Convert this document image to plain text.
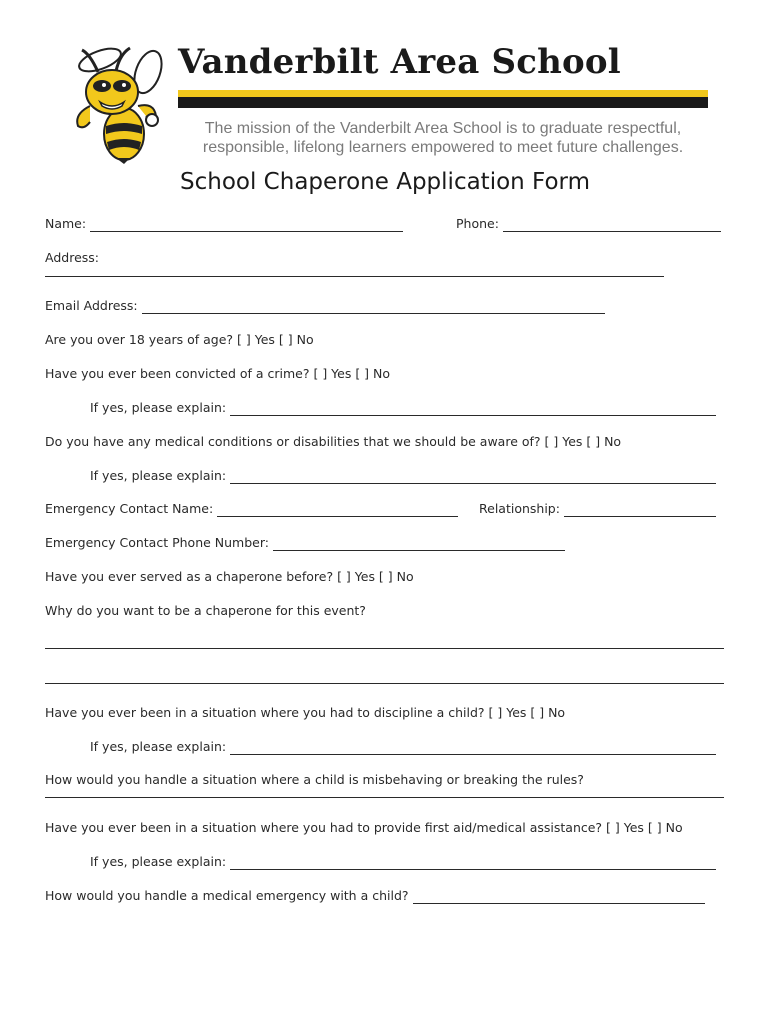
Vanderbilt Area School
The mission of the Vanderbilt Area School is to graduate respectful,
responsible, lifelong learners empowered to meet future challenges.
School Chaperone Application Form
Name:	Phone:
Address:
Email Address:
Are you over 18 years of age? [ ] Yes [ ] No
Have you ever been convicted of a crime? [ ] Yes [ ] No
If yes, please explain:
Do you have any medical conditions or disabilities that we should be aware of? [ ] Yes [ ] No
If yes, please explain:
Emergency Contact Name:	Relationship:
Emergency Contact Phone Number:
Have you ever served as a chaperone before? [ ] Yes [ ] No
Why do you want to be a chaperone for this event?
Have you ever been in a situation where you had to discipline a child? [ ] Yes [ ] No
If yes, please explain:
How would you handle a situation where a child is misbehaving or breaking the rules?
Have you ever been in a situation where you had to provide first aid/medical assistance? [ ] Yes [ ] No
If yes, please explain:
How would you handle a medical emergency with a child?
